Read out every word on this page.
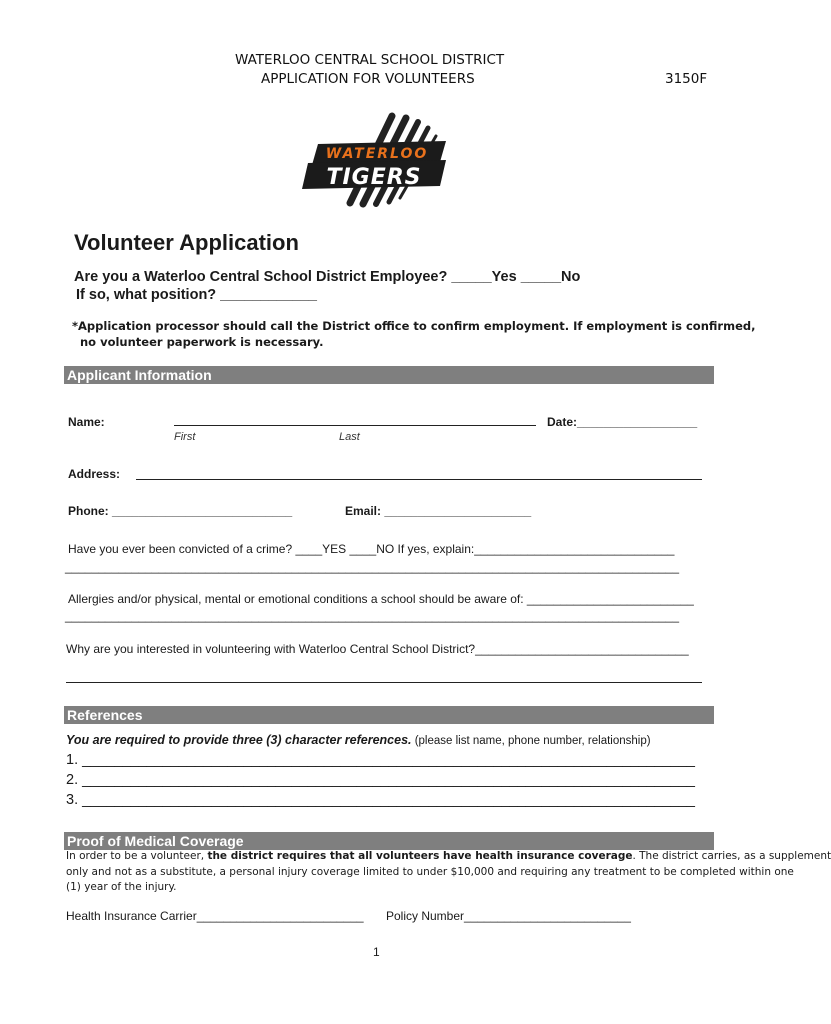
WATERLOO CENTRAL SCHOOL DISTRICT
APPLICATION FOR VOLUNTEERS	3150F
WATERLOO
TIGERS
Volunteer Application
Are you a Waterloo Central School District Employee? _____Yes _____No
If so, what position? ____________
*Application processor should call the District office to confirm employment. If employment is confirmed,
no volunteer paperwork is necessary.
Applicant Information
Name:	Date:__________________
First	Last
Address:
Phone: ___________________________	Email: ______________________
Have you ever been convicted of a crime? ____YES ____NO If yes, explain:______________________________
____________________________________________________________________________________________
Allergies and/or physical, mental or emotional conditions a school should be aware of: _________________________
____________________________________________________________________________________________
Why are you interested in volunteering with Waterloo Central School District?________________________________
References
You are required to provide three (3) character references. (please list name, phone number, relationship)
1. ____________________________________________________________________________
2. ____________________________________________________________________________
3. ____________________________________________________________________________
Proof of Medical Coverage
In order to be a volunteer, the district requires that all volunteers have health insurance coverage. The district carries, as a supplement
only and not as a substitute, a personal injury coverage limited to under $10,000 and requiring any treatment to be completed within one
(1) year of the injury.
Health Insurance Carrier_________________________ Policy Number_________________________
1
